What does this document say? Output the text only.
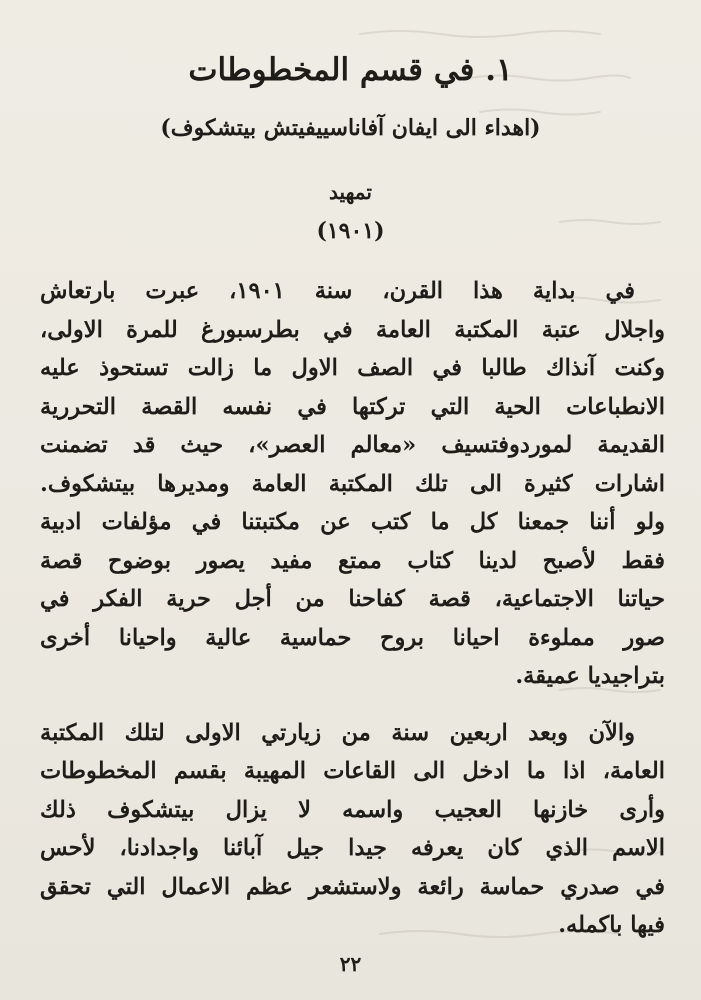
١. في قسم المخطوطات
(اهداء الى ايفان آفاناسييفيتش بيتشكوف)
تمهيد
(١٩٠١)
في بداية هذا القرن، سنة ١٩٠١، عبرت بارتعاش
واجلال عتبة المكتبة العامة في بطرسبورغ للمرة الاولى،
وكنت آنذاك طالبا في الصف الاول ما زالت تستحوذ عليه
الانطباعات الحية التي تركتها في نفسه القصة التحررية
القديمة لموردوفتسيف «معالم العصر»، حيث قد تضمنت
اشارات كثيرة الى تلك المكتبة العامة ومديرها بيتشكوف.
ولو أننا جمعنا كل ما كتب عن مكتبتنا في مؤلفات ادبية
فقط لأصبح لدينا كتاب ممتع مفيد يصور بوضوح قصة
حياتنا الاجتماعية، قصة كفاحنا من أجل حرية الفكر في
صور مملوءة احيانا بروح حماسية عالية واحيانا أخرى
بتراجيديا عميقة.
والآن وبعد اربعين سنة من زيارتي الاولى لتلك المكتبة
العامة، اذا ما ادخل الى القاعات المهيبة بقسم المخطوطات
وأرى خازنها العجيب واسمه لا يزال بيتشكوف ذلك
الاسم الذي كان يعرفه جيدا جيل آبائنا واجدادنا، لأحس
في صدري حماسة رائعة ولاستشعر عظم الاعمال التي تحقق
فيها باكمله.
٢٢
